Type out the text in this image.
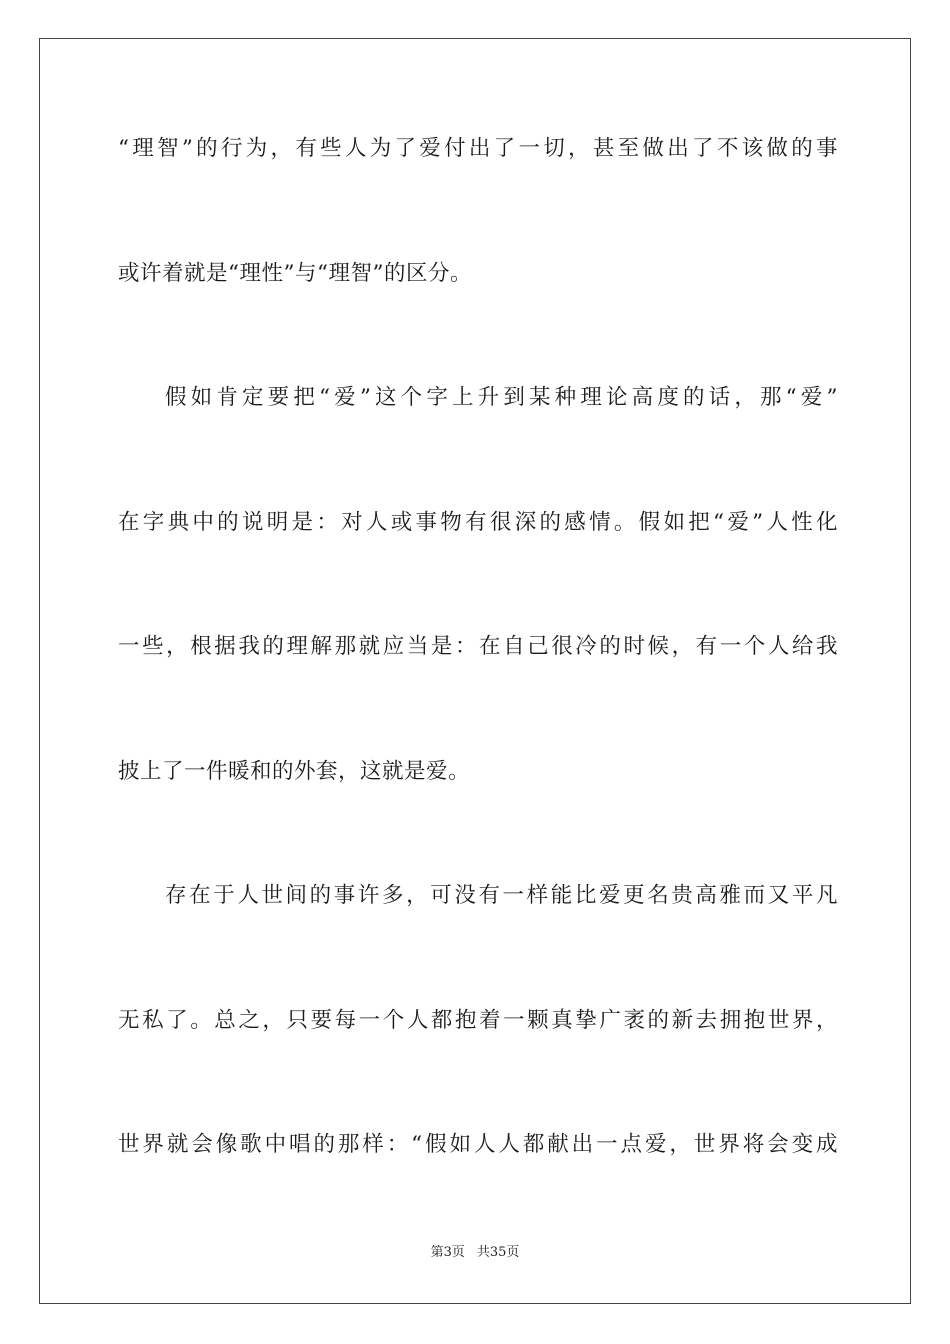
“理智”的行为，有些人为了爱付出了一切，甚至做出了不该做的事
或许着就是“理性”与“理智”的区分。
假如肯定要把“爱”这个字上升到某种理论高度的话，那“爱”
在字典中的说明是：对人或事物有很深的感情。假如把“爱”人性化
一些，根据我的理解那就应当是：在自己很冷的时候，有一个人给我
披上了一件暖和的外套，这就是爱。
存在于人世间的事许多，可没有一样能比爱更名贵高雅而又平凡
无私了。总之，只要每一个人都抱着一颗真挚广袤的新去拥抱世界，
世界就会像歌中唱的那样：“假如人人都献出一点爱，世界将会变成
第3页 共35页
